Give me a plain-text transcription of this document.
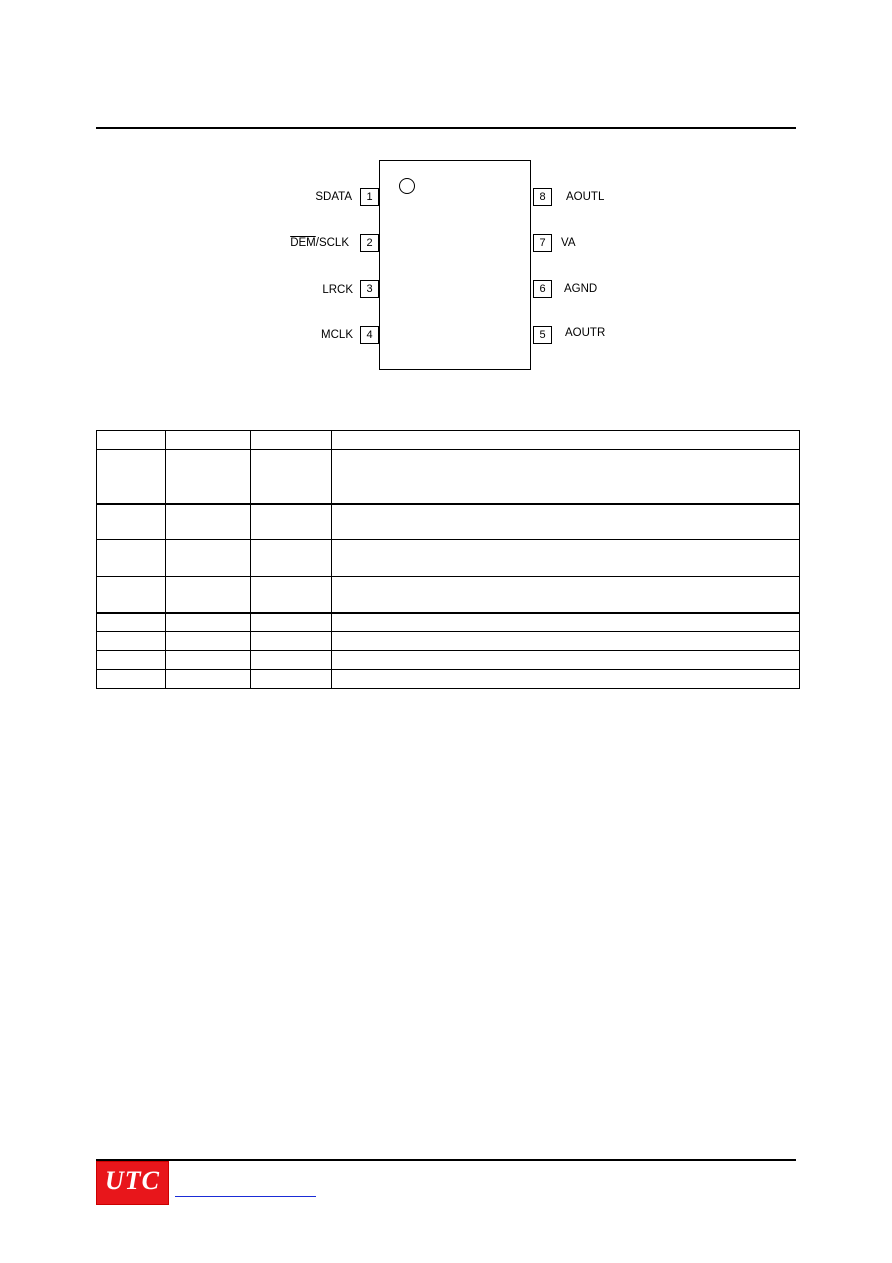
SDATA	1
$\overline{DEM}$/SCLK	2
LRCK	3
MCLK	4
8	AOUTL
7	VA
6	AGND
5	AOUTR

UTC
